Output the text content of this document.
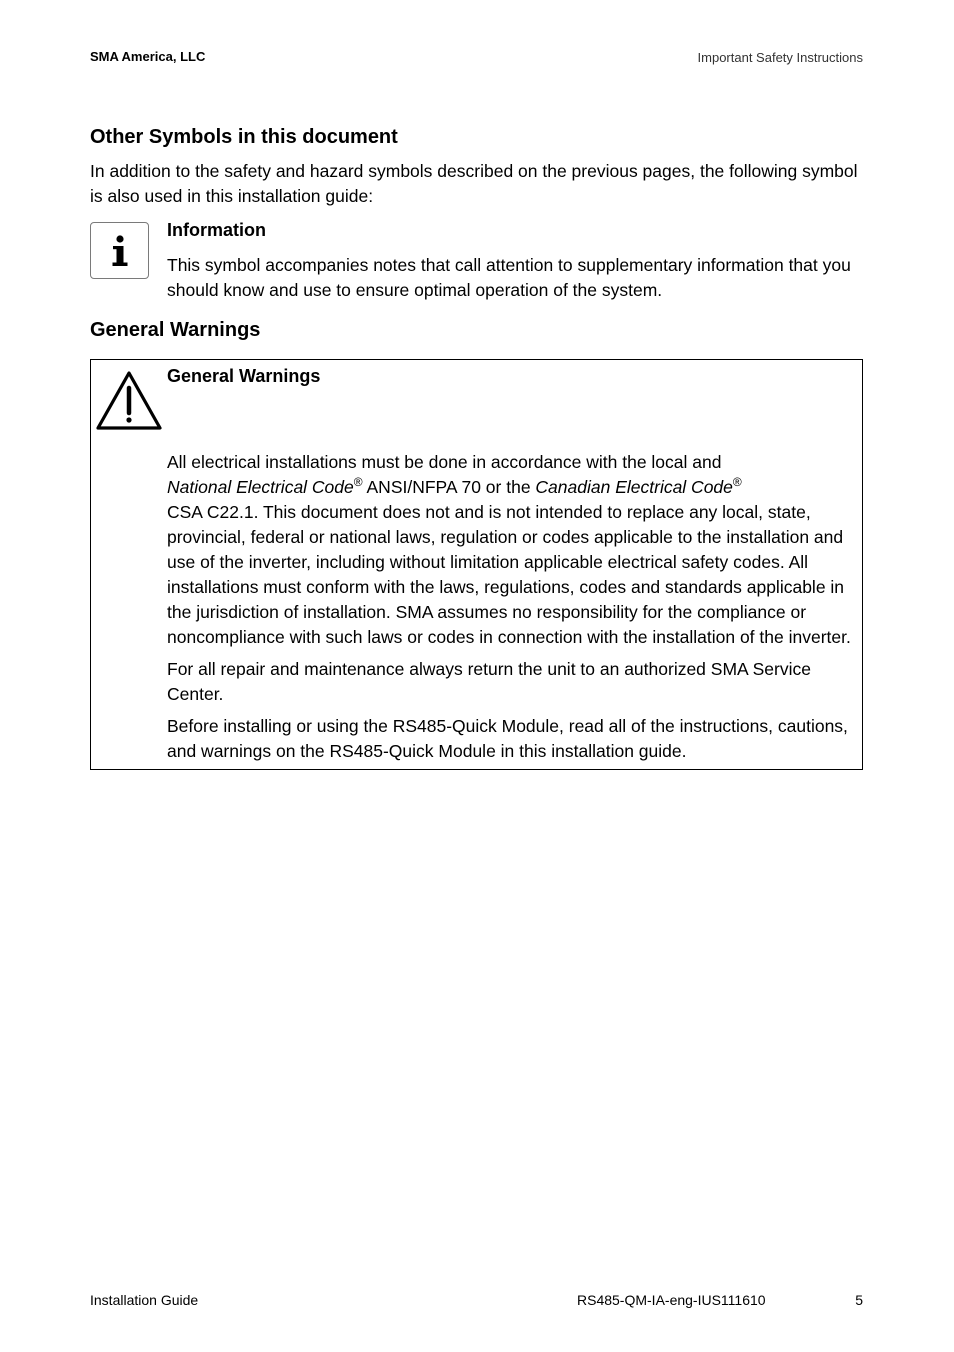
SMA America, LLC	Important Safety Instructions
Other Symbols in this document

In addition to the safety and hazard symbols described on the previous pages, the following symbol is also used in this installation guide:

Information

This symbol accompanies notes that call attention to supplementary information that you should know and use to ensure optimal operation of the system.

General Warnings
General Warnings

All electrical installations must be done in accordance with the local and
National Electrical Code® ANSI/NFPA 70 or the Canadian Electrical Code®
CSA C22.1. This document does not and is not intended to replace any local, state, provincial, federal or national laws, regulation or codes applicable to the installation and use of the inverter, including without limitation applicable electrical safety codes. All installations must conform with the laws, regulations, codes and standards applicable in the jurisdiction of installation. SMA assumes no responsibility for the compliance or noncompliance with such laws or codes in connection with the installation of the inverter.

For all repair and maintenance always return the unit to an authorized SMA Service Center.

Before installing or using the RS485-Quick Module, read all of the instructions, cautions, and warnings on the RS485-Quick Module in this installation guide.

Installation Guide	RS485-QM-IA-eng-IUS111610	5
